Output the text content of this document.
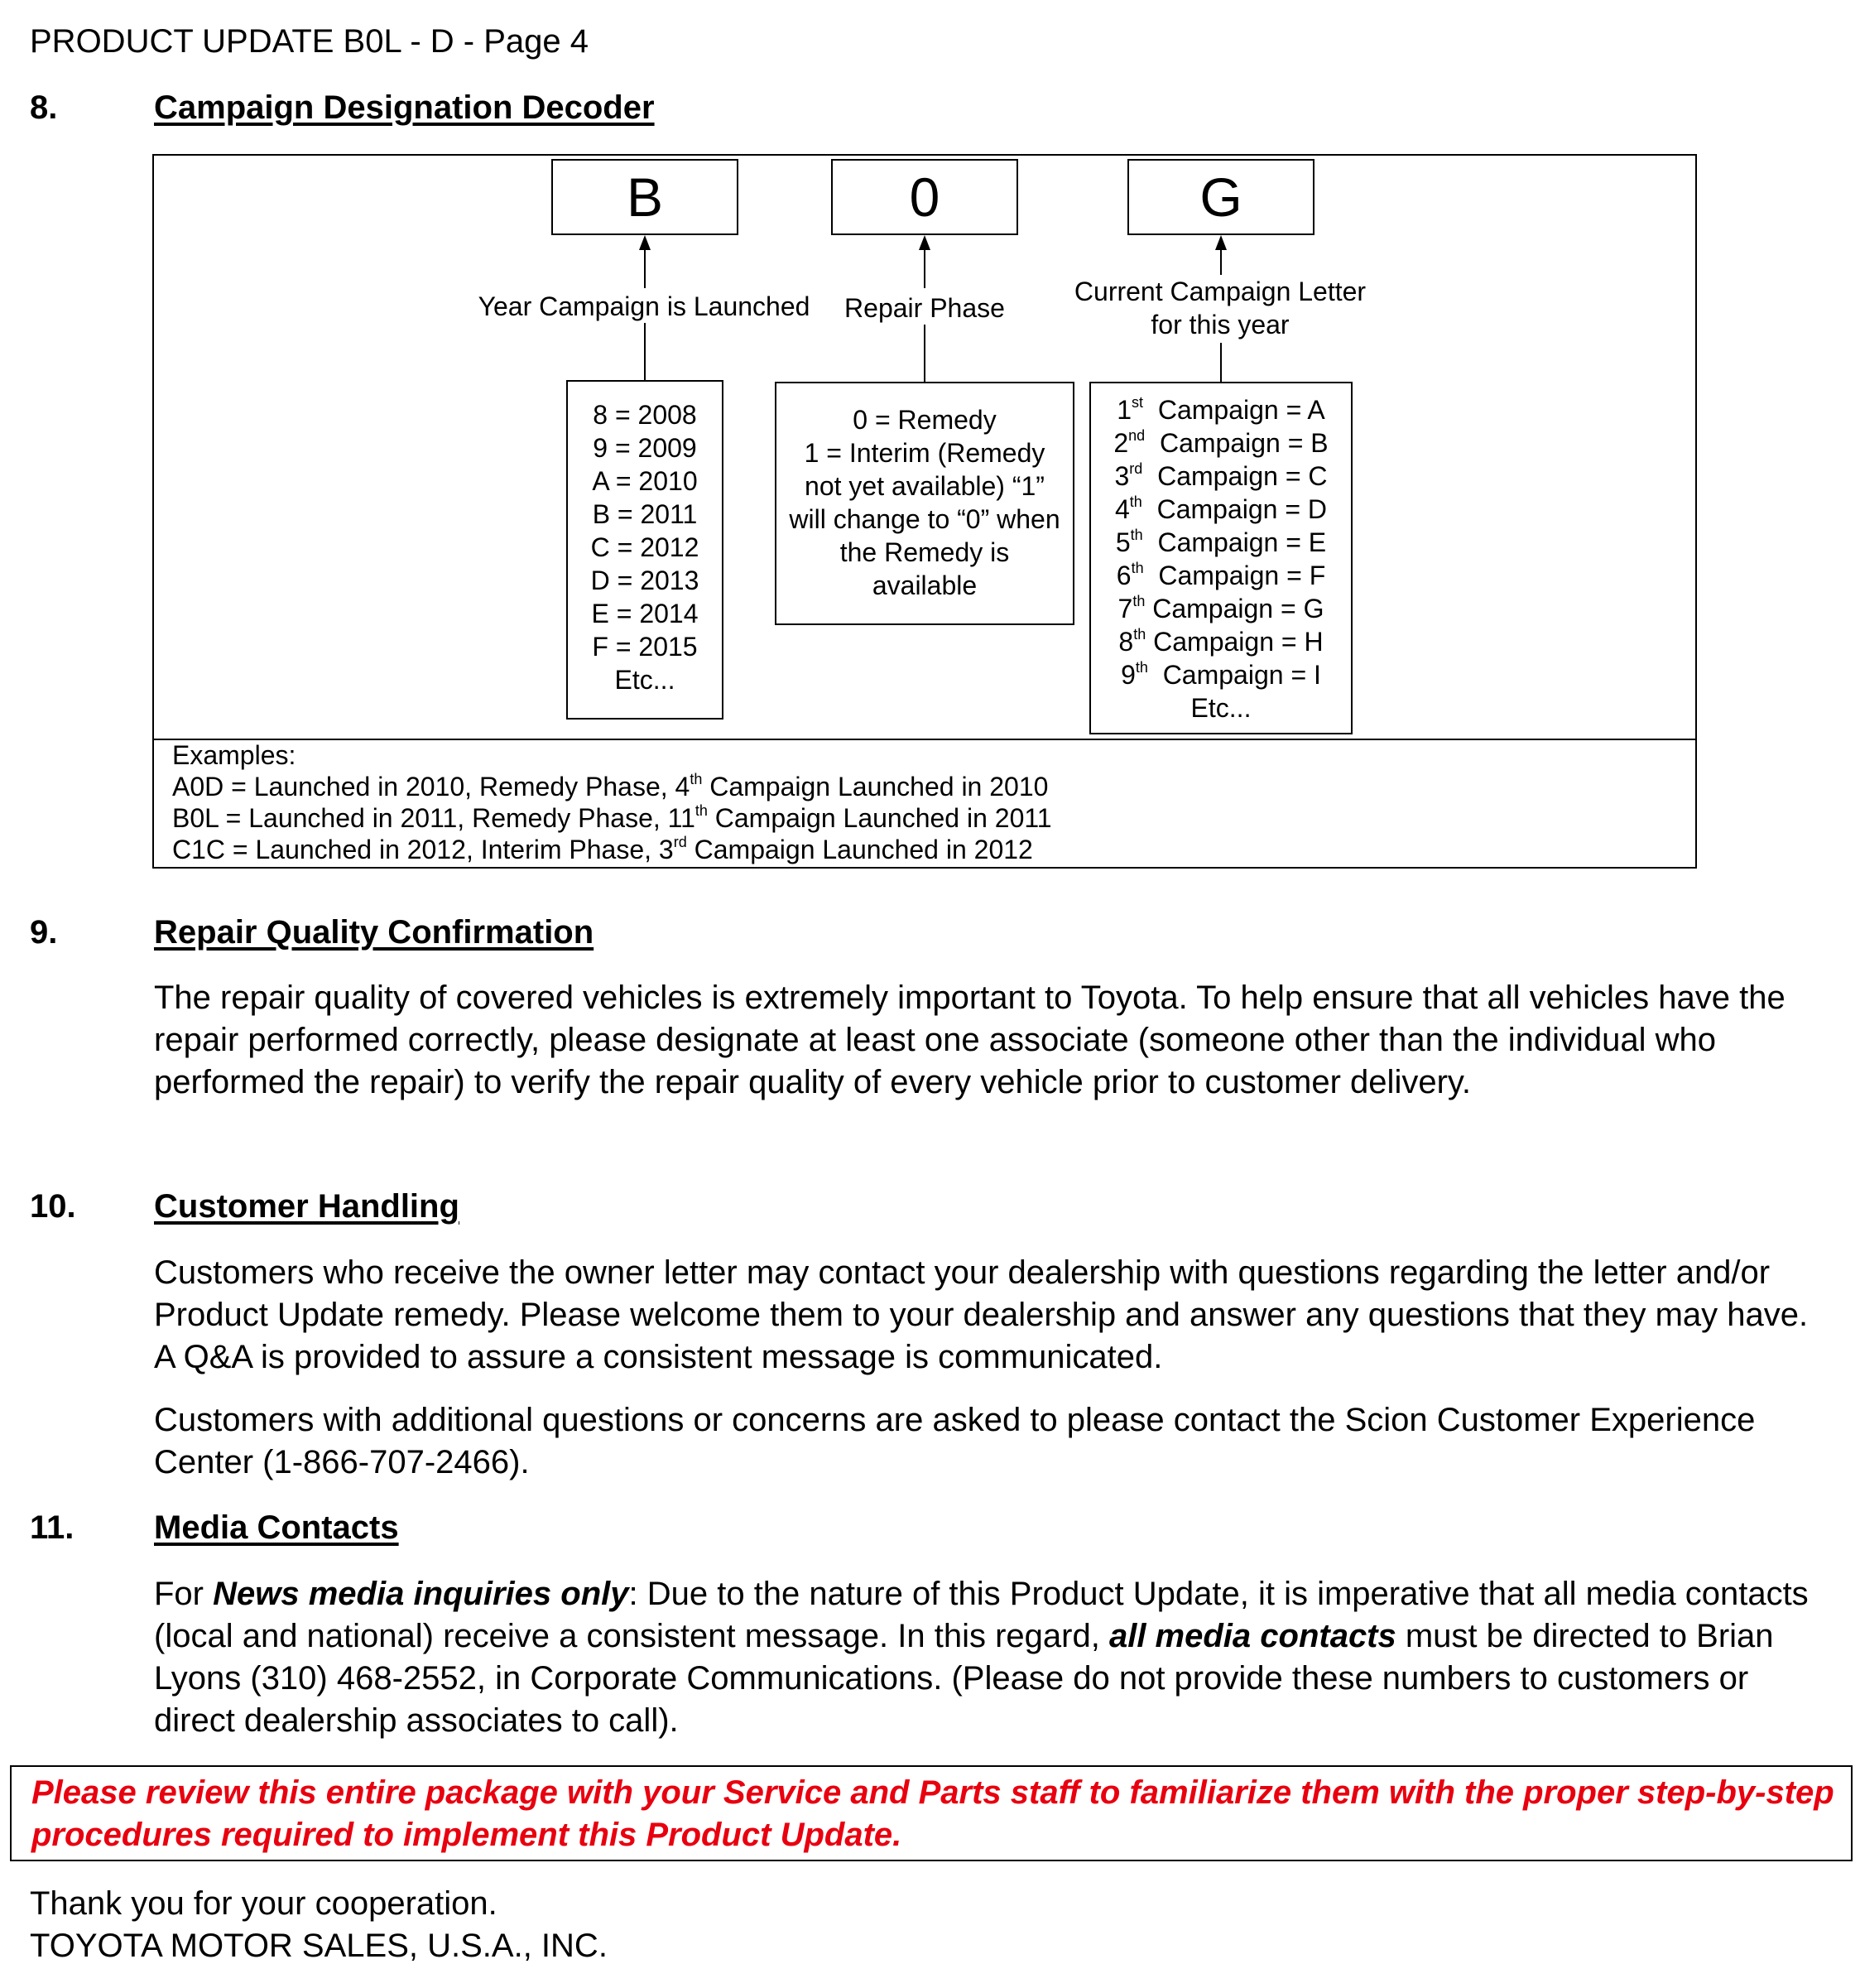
PRODUCT UPDATE B0L - D - Page 4
8.	Campaign Designation Decoder
B	0	G
Year Campaign is Launched	Repair Phase
Current Campaign Letter
for this year
8 = 2008
9 = 2009
A = 2010
B = 2011
C = 2012
D = 2013
E = 2014
F = 2015
Etc...
0 = Remedy
1 = Interim (Remedy
not yet available) “1”
will change to “0” when
the Remedy is
available
1st Campaign = A
2nd Campaign = B
3rd Campaign = C
4th Campaign = D
5th Campaign = E
6th Campaign = F
7th Campaign = G
8th Campaign = H
9th Campaign = I
Etc...
Examples:
A0D = Launched in 2010, Remedy Phase, 4th Campaign Launched in 2010
B0L = Launched in 2011, Remedy Phase, 11th Campaign Launched in 2011
C1C = Launched in 2012, Interim Phase, 3rd Campaign Launched in 2012
9.	Repair Quality Confirmation
The repair quality of covered vehicles is extremely important to Toyota. To help ensure that all vehicles have the repair performed correctly, please designate at least one associate (someone other than the individual who performed the repair) to verify the repair quality of every vehicle prior to customer delivery.
10. Customer Handling
Customers who receive the owner letter may contact your dealership with questions regarding the letter and/or Product Update remedy. Please welcome them to your dealership and answer any questions that they may have. A Q&A is provided to assure a consistent message is communicated.
Customers with additional questions or concerns are asked to please contact the Scion Customer Experience Center (1-866-707-2466).
11. Media Contacts
For News media inquiries only: Due to the nature of this Product Update, it is imperative that all media contacts (local and national) receive a consistent message. In this regard, all media contacts must be directed to Brian Lyons (310) 468-2552, in Corporate Communications. (Please do not provide these numbers to customers or direct dealership associates to call).
Please review this entire package with your Service and Parts staff to familiarize them with the proper step-by-step procedures required to implement this Product Update.
Thank you for your cooperation.
TOYOTA MOTOR SALES, U.S.A., INC.
